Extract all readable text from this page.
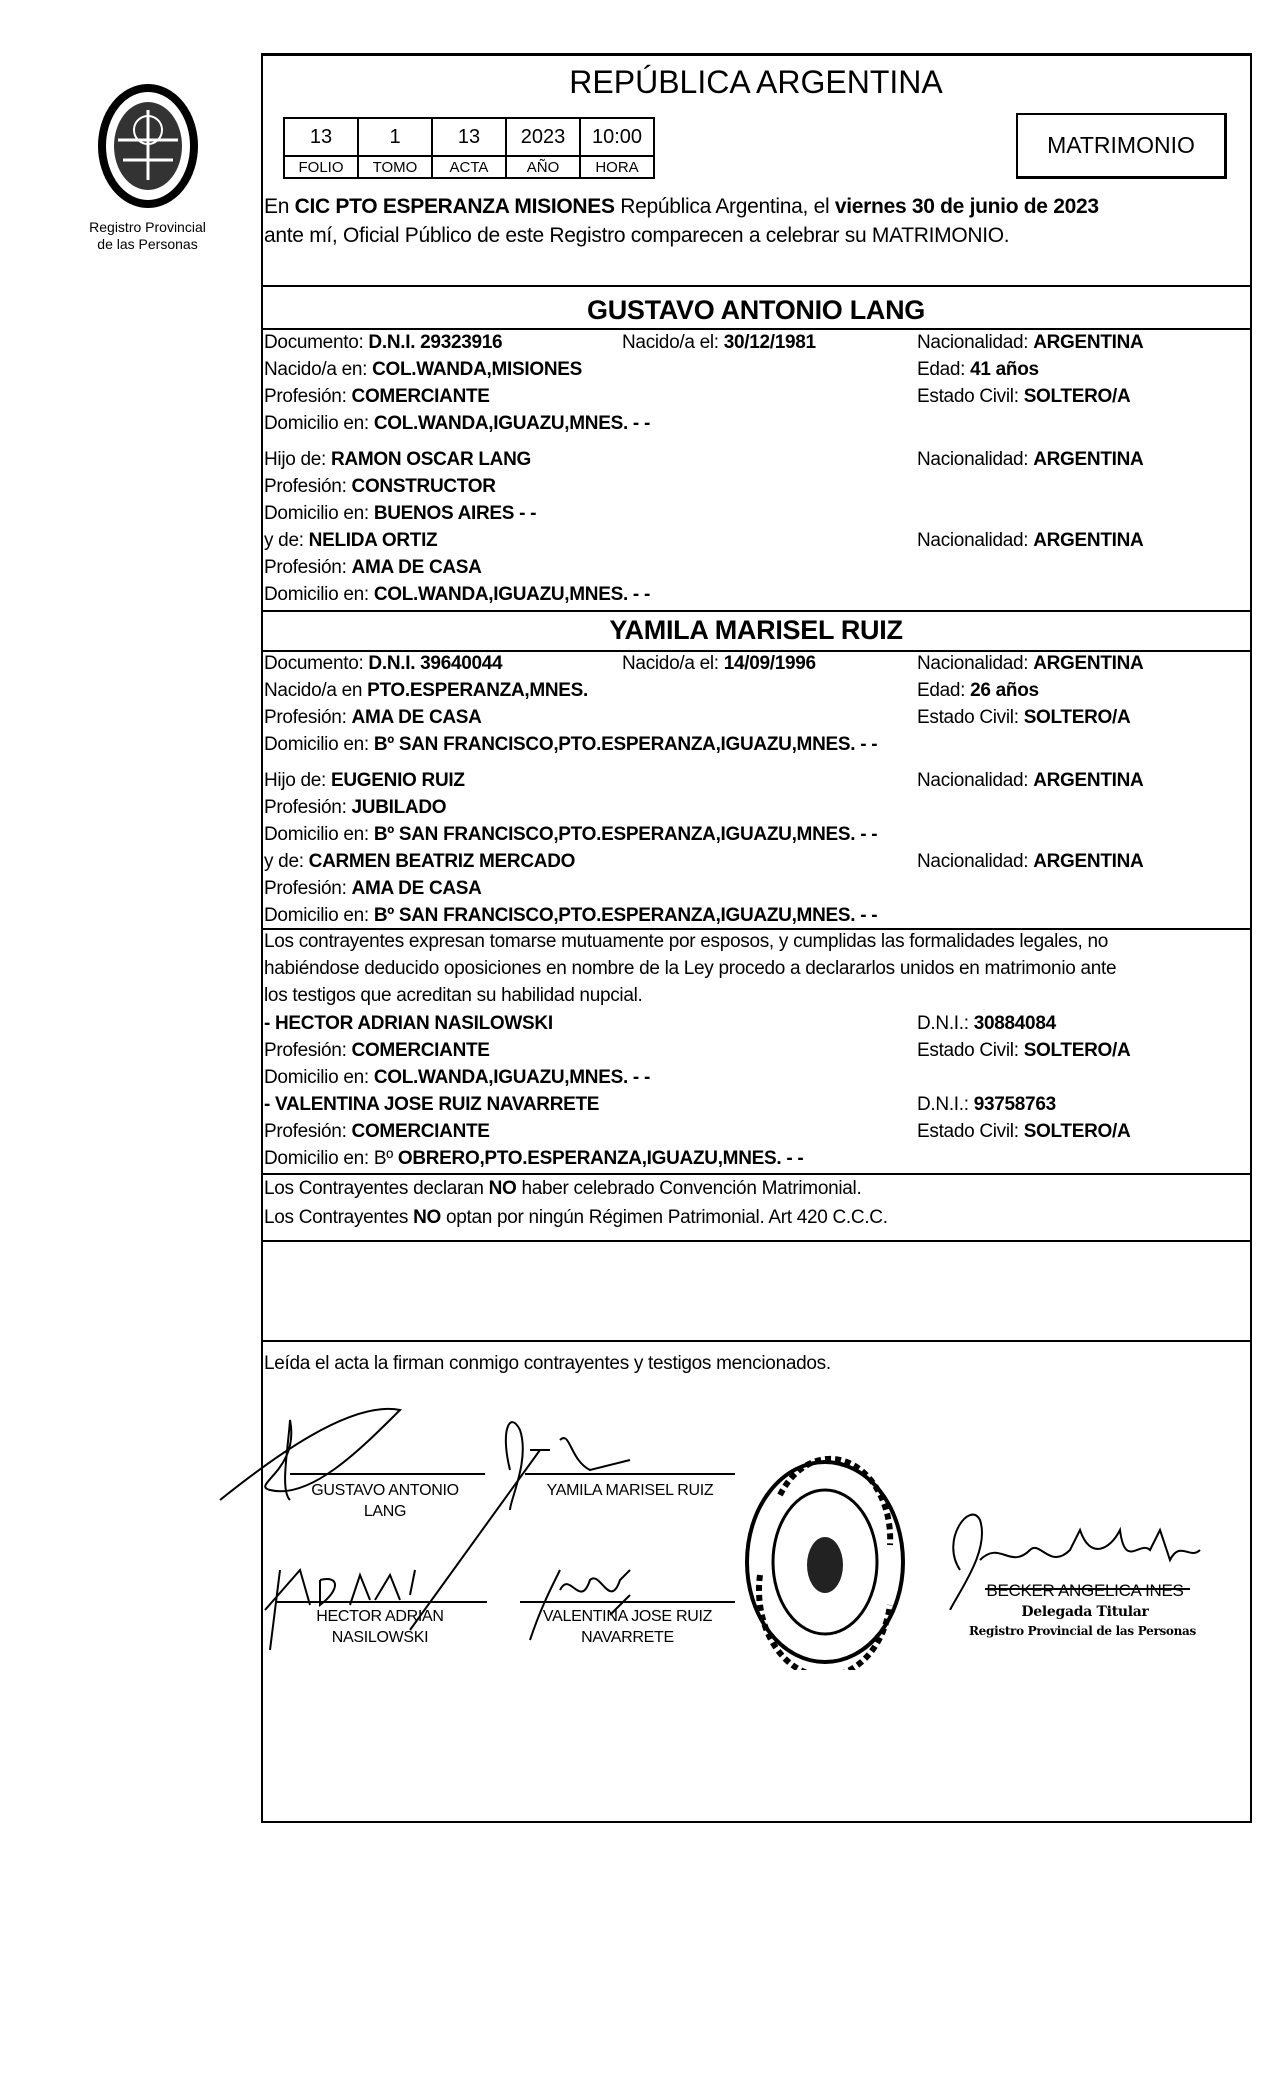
Registro Provincial
de las Personas
REPÚBLICA ARGENTINA
13	1	13	2023	10:00
FOLIO	TOMO	ACTA	AÑO	HORA
MATRIMONIO
En CIC PTO ESPERANZA MISIONES República Argentina, el viernes 30 de junio de 2023
ante mí, Oficial Público de este Registro comparecen a celebrar su MATRIMONIO.
GUSTAVO ANTONIO LANG
Documento: D.N.I. 29323916	Nacido/a el: 30/12/1981	Nacionalidad: ARGENTINA
Nacido/a en: COL.WANDA,MISIONES	Edad: 41 años
Profesión: COMERCIANTE	Estado Civil: SOLTERO/A
Domicilio en: COL.WANDA,IGUAZU,MNES. - -
Hijo de: RAMON OSCAR LANG	Nacionalidad: ARGENTINA
Profesión: CONSTRUCTOR
Domicilio en: BUENOS AIRES - -
y de: NELIDA ORTIZ	Nacionalidad: ARGENTINA
Profesión: AMA DE CASA
Domicilio en: COL.WANDA,IGUAZU,MNES. - -
YAMILA MARISEL RUIZ
Documento: D.N.I. 39640044	Nacido/a el: 14/09/1996	Nacionalidad: ARGENTINA
Nacido/a en PTO.ESPERANZA,MNES.	Edad: 26 años
Profesión: AMA DE CASA	Estado Civil: SOLTERO/A
Domicilio en: Bº SAN FRANCISCO,PTO.ESPERANZA,IGUAZU,MNES. - -
Hijo de: EUGENIO RUIZ	Nacionalidad: ARGENTINA
Profesión: JUBILADO
Domicilio en: Bº SAN FRANCISCO,PTO.ESPERANZA,IGUAZU,MNES. - -
y de: CARMEN BEATRIZ MERCADO	Nacionalidad: ARGENTINA
Profesión: AMA DE CASA
Domicilio en: Bº SAN FRANCISCO,PTO.ESPERANZA,IGUAZU,MNES. - -
Los contrayentes expresan tomarse mutuamente por esposos, y cumplidas las formalidades legales, no
habiéndose deducido oposiciones en nombre de la Ley procedo a declararlos unidos en matrimonio ante
los testigos que acreditan su habilidad nupcial.
- HECTOR ADRIAN NASILOWSKI	D.N.I.: 30884084
Profesión: COMERCIANTE	Estado Civil: SOLTERO/A
Domicilio en: COL.WANDA,IGUAZU,MNES. - -
- VALENTINA JOSE RUIZ NAVARRETE	D.N.I.: 93758763
Profesión: COMERCIANTE	Estado Civil: SOLTERO/A
Domicilio en: Bº OBRERO,PTO.ESPERANZA,IGUAZU,MNES. - -
Los Contrayentes declaran NO haber celebrado Convención Matrimonial.
Los Contrayentes NO optan por ningún Régimen Patrimonial. Art 420 C.C.C.
Leída el acta la firman conmigo contrayentes y testigos mencionados.
GUSTAVO ANTONIO
LANG
YAMILA MARISEL RUIZ
HECTOR ADRIAN
NASILOWSKI
VALENTINA JOSE RUIZ
NAVARRETE
BECKER ANGELICA INES
Delegada Titular
Registro Provincial de las Personas
